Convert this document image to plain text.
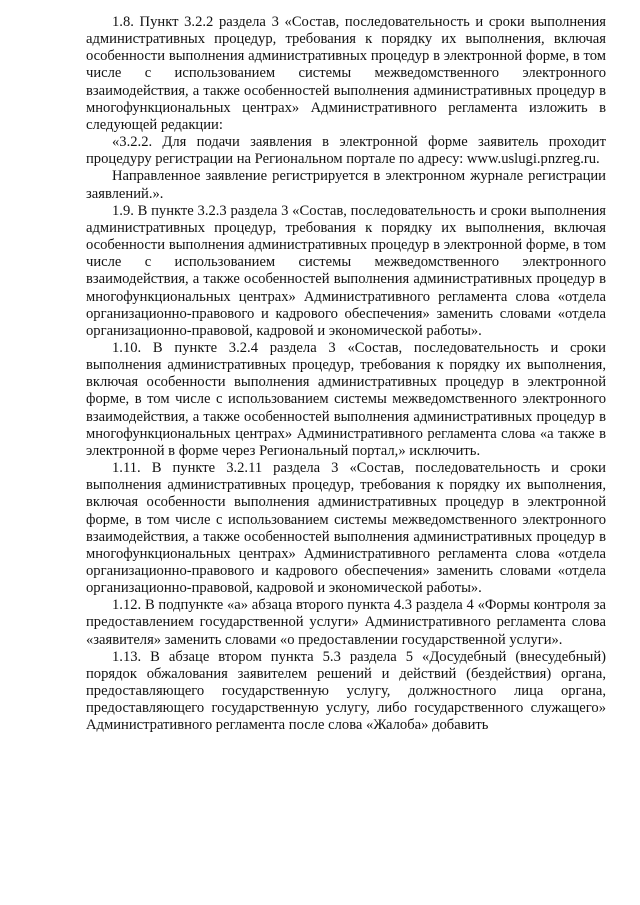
1.8. Пункт 3.2.2 раздела 3 «Состав, последовательность и сроки выполнения административных процедур, требования к порядку их выполнения, включая особенности выполнения административных процедур в электронной форме, в том числе с использованием системы межведомственного электронного взаимодействия, а также особенностей выполнения административных процедур в многофункциональных центрах» Административного регламента изложить в следующей редакции:

«3.2.2. Для подачи заявления в электронной форме заявитель проходит процедуру регистрации на Региональном портале по адресу: www.uslugi.pnzreg.ru.

Направленное заявление регистрируется в электронном журнале регистрации заявлений.».

1.9. В пункте 3.2.3 раздела 3 «Состав, последовательность и сроки выполнения административных процедур, требования к порядку их выполнения, включая особенности выполнения административных процедур в электронной форме, в том числе с использованием системы межведомственного электронного взаимодействия, а также особенностей выполнения административных процедур в многофункциональных центрах» Административного регламента слова «отдела организационно-правового и кадрового обеспечения» заменить словами «отдела организационно-правовой, кадровой и экономической работы».

1.10. В пункте 3.2.4 раздела 3 «Состав, последовательность и сроки выполнения административных процедур, требования к порядку их выполнения, включая особенности выполнения административных процедур в электронной форме, в том числе с использованием системы межведомственного электронного взаимодействия, а также особенностей выполнения административных процедур в многофункциональных центрах» Административного регламента слова «а также в электронной в форме через Региональный портал,» исключить.

1.11. В пункте 3.2.11 раздела 3 «Состав, последовательность и сроки выполнения административных процедур, требования к порядку их выполнения, включая особенности выполнения административных процедур в электронной форме, в том числе с использованием системы межведомственного электронного взаимодействия, а также особенностей выполнения административных процедур в многофункциональных центрах» Административного регламента слова «отдела организационно-правового и кадрового обеспечения» заменить словами «отдела организационно-правовой, кадровой и экономической работы».

1.12. В подпункте «а» абзаца второго пункта 4.3 раздела 4 «Формы контроля за предоставлением государственной услуги» Административного регламента слова «заявителя» заменить словами «о предоставлении государственной услуги».

1.13. В абзаце втором пункта 5.3 раздела 5 «Досудебный (внесудебный) порядок обжалования заявителем решений и действий (бездействия) органа, предоставляющего государственную услугу, должностного лица органа, предоставляющего государственную услугу, либо государственного служащего» Административного регламента после слова «Жалоба» добавить
